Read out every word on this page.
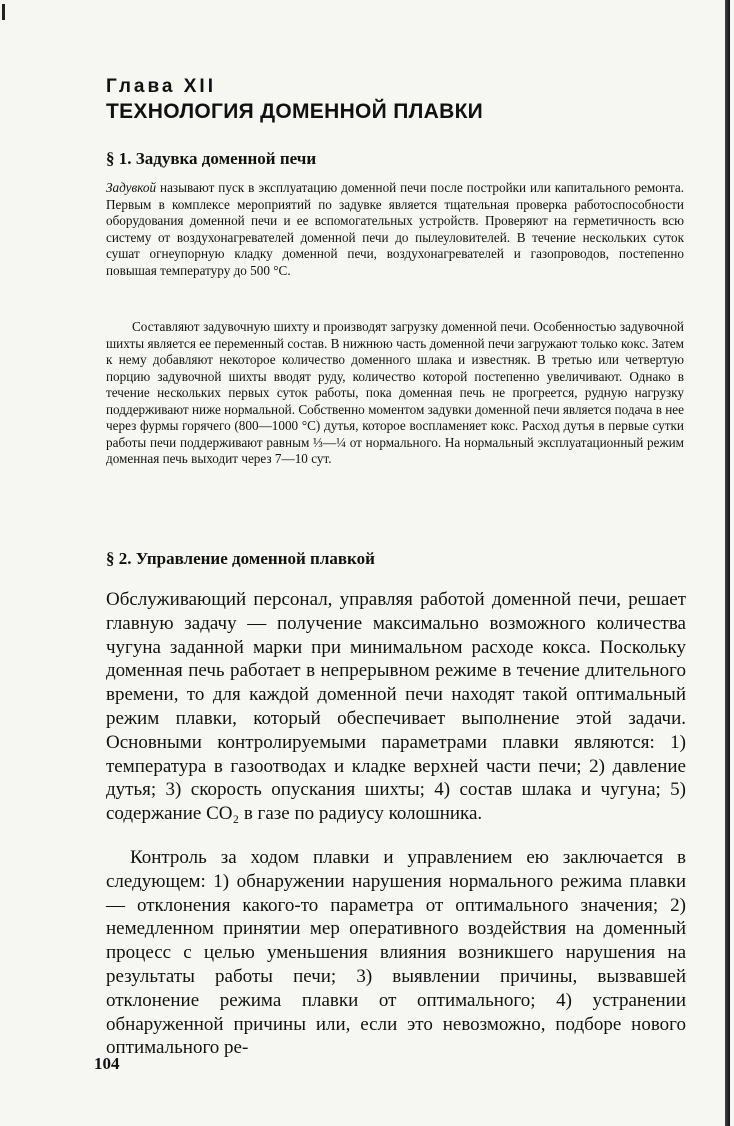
Глава XII
ТЕХНОЛОГИЯ ДОМЕННОЙ ПЛАВКИ
§ 1. Задувка доменной печи

Задувкой называют пуск в эксплуатацию доменной печи после постройки или капитального ремонта. Первым в комплексе мероприятий по задувке является тщательная проверка работоспособности оборудования доменной печи и ее вспомогательных устройств. Проверяют на герметичность всю систему от воздухонагревателей доменной печи до пылеуловителей. В течение нескольких суток сушат огнеупорную кладку доменной печи, воздухонагревателей и газопроводов, постепенно повышая температуру до 500 °С.

Составляют задувочную шихту и производят загрузку доменной печи. Особенностью задувочной шихты является ее переменный состав. В нижнюю часть доменной печи загружают только кокс. Затем к нему добавляют некоторое количество доменного шлака и известняк. В третью или четвертую порцию задувочной шихты вводят руду, количество которой постепенно увеличивают. Однако в течение нескольких первых суток работы, пока доменная печь не прогреется, рудную нагрузку поддерживают ниже нормальной. Собственно моментом задувки доменной печи является подача в нее через фурмы горячего (800—1000 °С) дутья, которое воспламеняет кокс. Расход дутья в первые сутки работы печи поддерживают равным ⅓—¼ от нормального. На нормальный эксплуатационный режим доменная печь выходит через 7—10 сут.

§ 2. Управление доменной плавкой

Обслуживающий персонал, управляя работой доменной печи, решает главную задачу — получение максимально возможного количества чугуна заданной марки при минимальном расходе кокса. Поскольку доменная печь работает в непрерывном режиме в течение длительного времени, то для каждой доменной печи находят такой оптимальный режим плавки, который обеспечивает выполнение этой задачи. Основными контролируемыми параметрами плавки являются: 1) температура в газоотводах и кладке верхней части печи; 2) давление дутья; 3) скорость опускания шихты; 4) состав шлака и чугуна; 5) содержание CO₂ в газе по радиусу колошника.

Контроль за ходом плавки и управлением ею заключается в следующем: 1) обнаружении нарушения нормального режима плавки — отклонения какого-то параметра от оптимального значения; 2) немедленном принятии мер оперативного воздействия на доменный процесс с целью уменьшения влияния возникшего нарушения на результаты работы печи; 3) выявлении причины, вызвавшей отклонение режима плавки от оптимального; 4) устранении обнаруженной причины или, если это невозможно, подборе нового оптимального ре-

104
